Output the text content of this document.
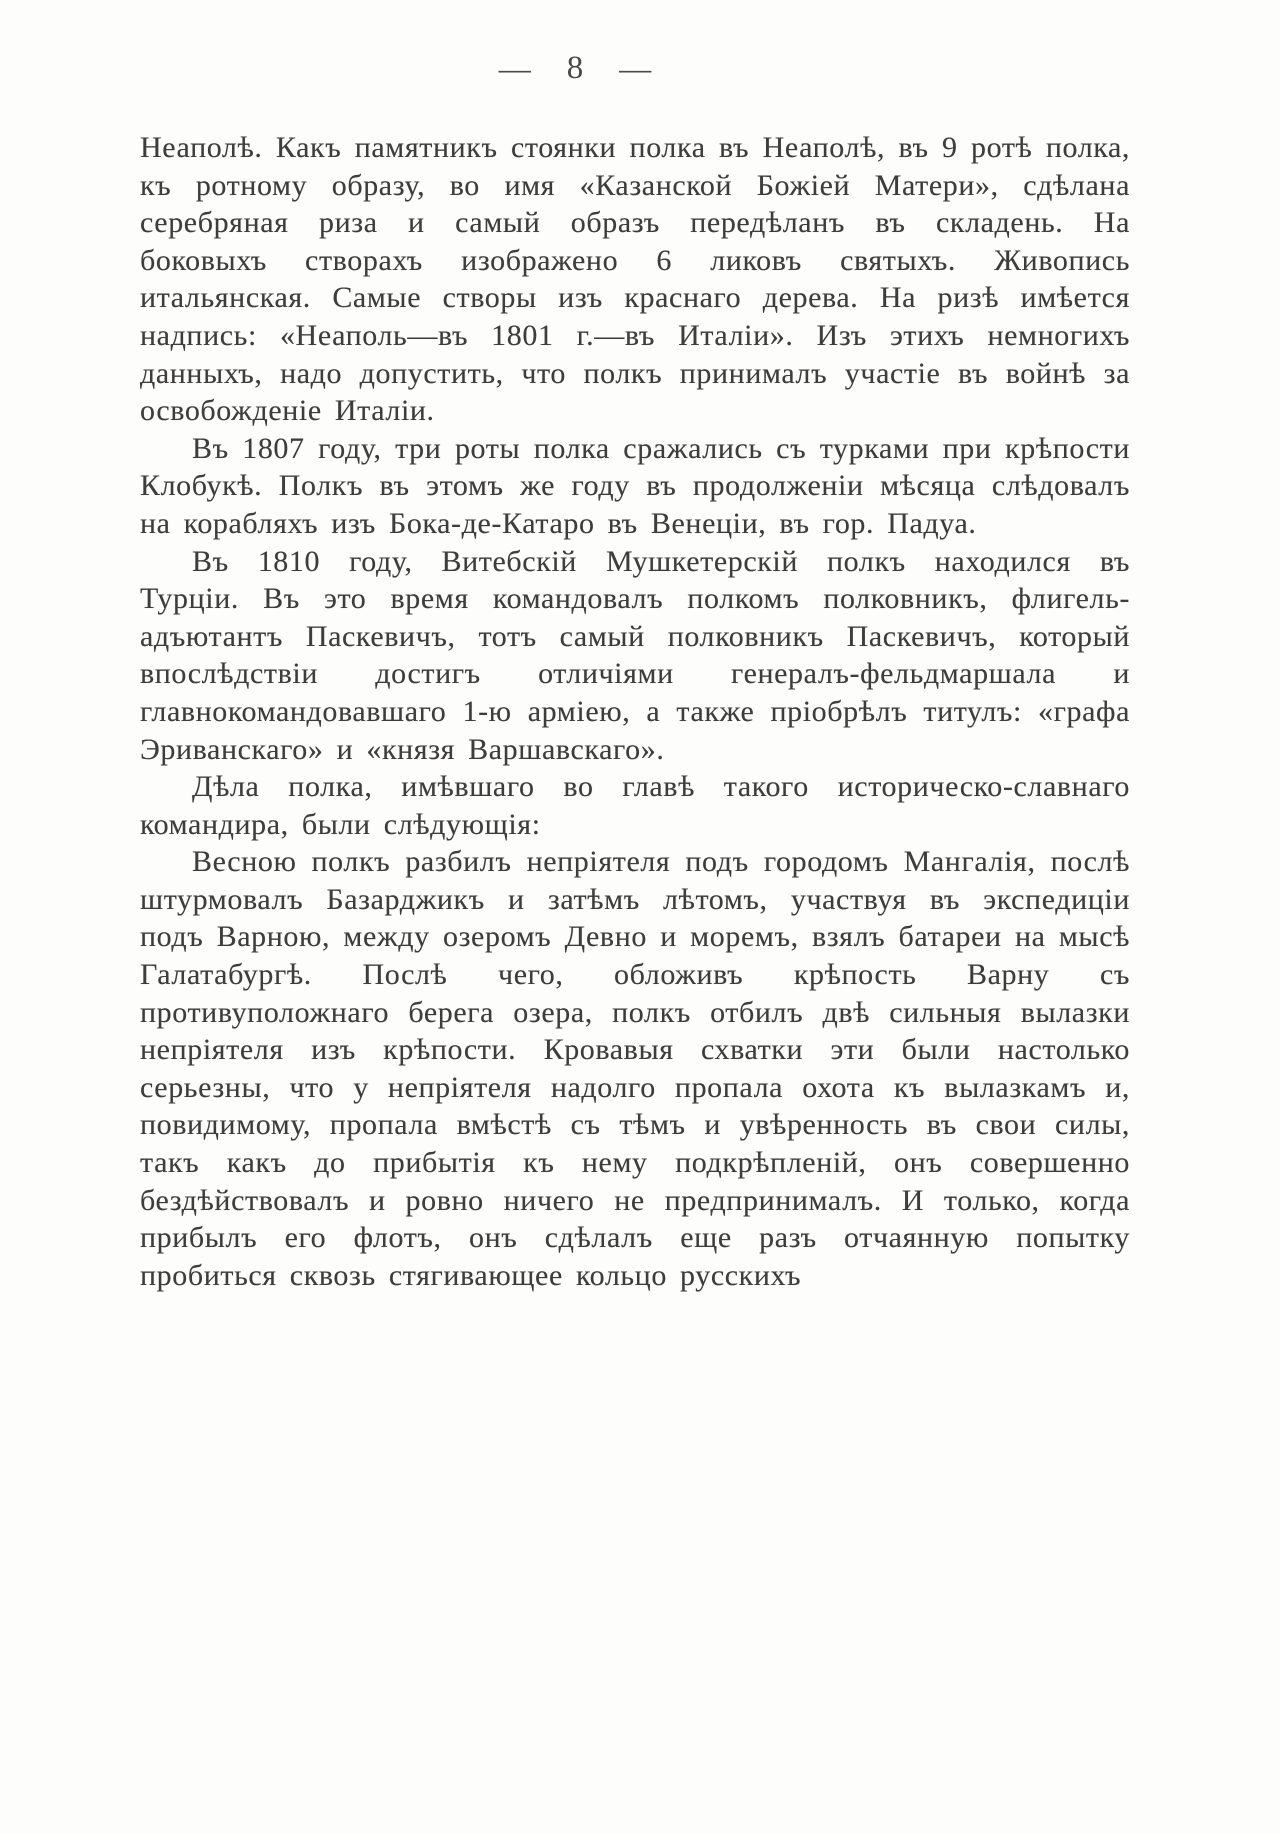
— 8 —

Неаполѣ. Какъ памятникъ стоянки полка въ Неаполѣ, въ 9 ротѣ полка, къ ротному образу, во имя «Казанской Божіей Матери», сдѣлана серебряная риза и самый образъ передѣланъ въ складень. На боковыхъ створахъ изображено 6 ликовъ святыхъ. Живопись итальянская. Самые створы изъ краснаго дерева. На ризѣ имѣется надпись: «Неаполь—въ 1801 г.—въ Италіи». Изъ этихъ немногихъ данныхъ, надо допустить, что полкъ принималъ участіе въ войнѣ за освобожденіе Италіи.

Въ 1807 году, три роты полка сражались съ турками при крѣпости Клобукѣ. Полкъ въ этомъ же году въ продолженіи мѣсяца слѣдовалъ на корабляхъ изъ Бока-де-Катаро въ Венеціи, въ гор. Падуа.

Въ 1810 году, Витебскій Мушкетерскій полкъ находился въ Турціи. Въ это время командовалъ полкомъ полковникъ, флигель-адъютантъ Паскевичъ, тотъ самый полковникъ Паскевичъ, который впослѣдствіи достигъ отличіями генералъ-фельдмаршала и главнокомандовавшаго 1-ю арміею, а также пріобрѣлъ титулъ: «графа Эриванскаго» и «князя Варшавскаго».

Дѣла полка, имѣвшаго во главѣ такого историческо-славнаго командира, были слѣдующія:

Весною полкъ разбилъ непріятеля подъ городомъ Мангалія, послѣ штурмовалъ Базарджикъ и затѣмъ лѣтомъ, участвуя въ экспедиціи подъ Варною, между озеромъ Девно и моремъ, взялъ батареи на мысѣ Галатабургѣ. Послѣ чего, обложивъ крѣпость Варну съ противуположнаго берега озера, полкъ отбилъ двѣ сильныя вылазки непріятеля изъ крѣпости. Кровавыя схватки эти были настолько серьезны, что у непріятеля надолго пропала охота къ вылазкамъ и, повидимому, пропала вмѣстѣ съ тѣмъ и увѣренность въ свои силы, такъ какъ до прибытія къ нему подкрѣпленій, онъ совершенно бездѣйствовалъ и ровно ничего не предпринималъ. И только, когда прибылъ его флотъ, онъ сдѣлалъ еще разъ отчаянную попытку пробиться сквозь стягивающее кольцо русскихъ
